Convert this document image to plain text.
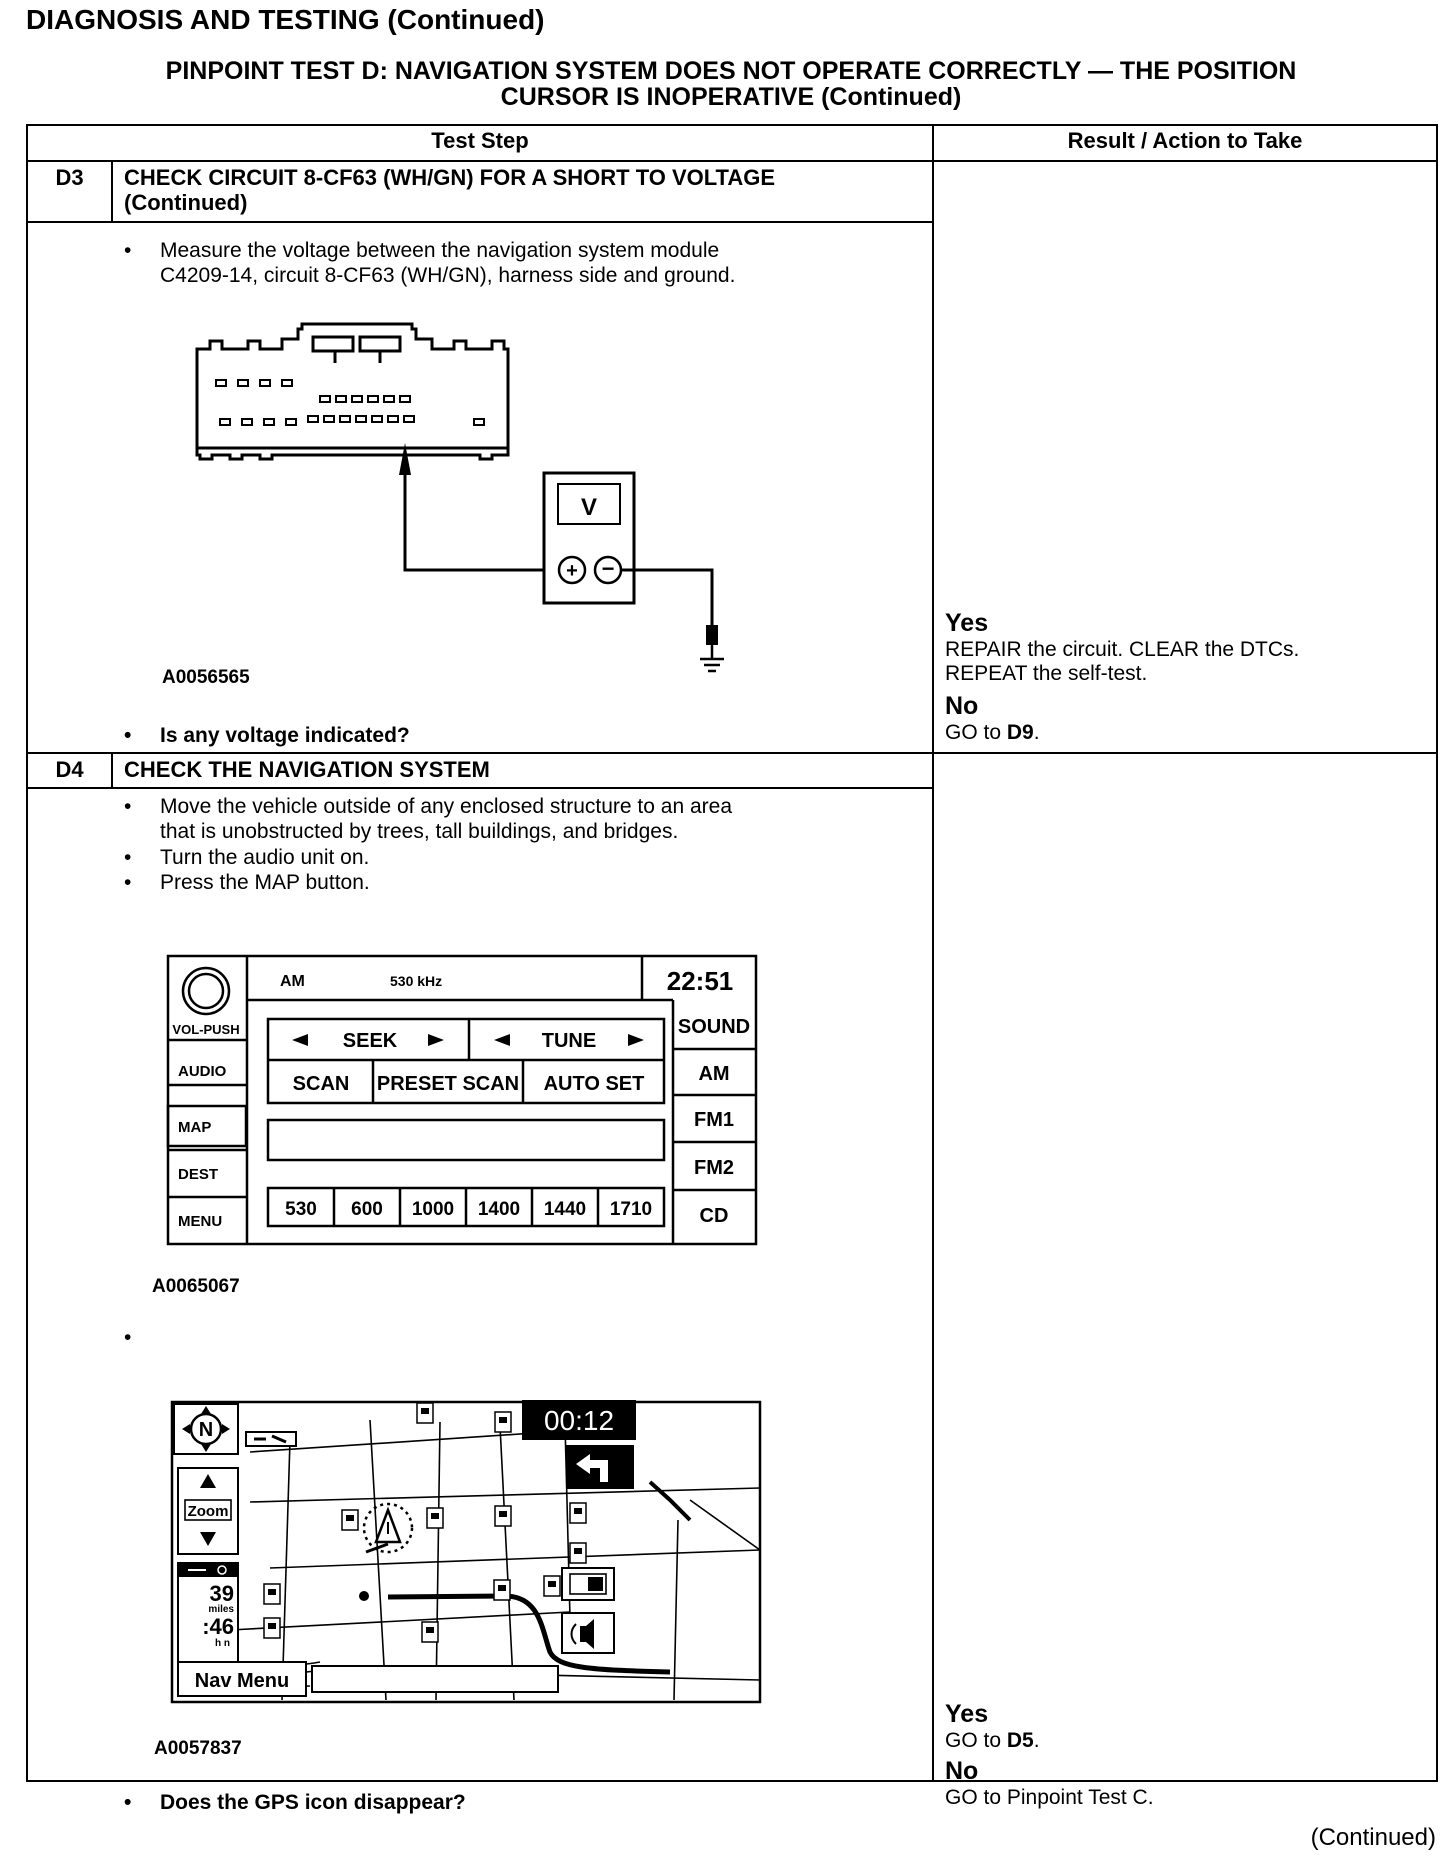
DIAGNOSIS AND TESTING (Continued)
PINPOINT TEST D: NAVIGATION SYSTEM DOES NOT OPERATE CORRECTLY — THE POSITION
CURSOR IS INOPERATIVE (Continued)
Test Step	Result / Action to Take
D3	CHECK CIRCUIT 8-CF63 (WH/GN) FOR A SHORT TO VOLTAGE
(Continued)
• Measure the voltage between the navigation system module
C4209-14, circuit 8-CF63 (WH/GN), harness side and ground.
V
+ −
A0056565
• Is any voltage indicated?
Yes
REPAIR the circuit. CLEAR the DTCs.
REPEAT the self-test.
No
GO to D9.
D4	CHECK THE NAVIGATION SYSTEM
• Move the vehicle outside of any enclosed structure to an area
that is unobstructed by trees, tall buildings, and bridges.
• Turn the audio unit on.
• Press the MAP button.
AM	530 kHz	22:51
VOL-PUSH
AUDIO
MAP
DEST
MENU
SEEK	TUNE
SCAN PRESET SCAN AUTO SET
530 600 1000 1400 1440 1710
SOUND
AM
FM1
FM2
CD
A0065067
•
00:12
N
Zoom
39
miles
:46
h n
Nav Menu
A0057837
• Does the GPS icon disappear?
Yes
GO to D5.
No
GO to Pinpoint Test C.
(Continued)
